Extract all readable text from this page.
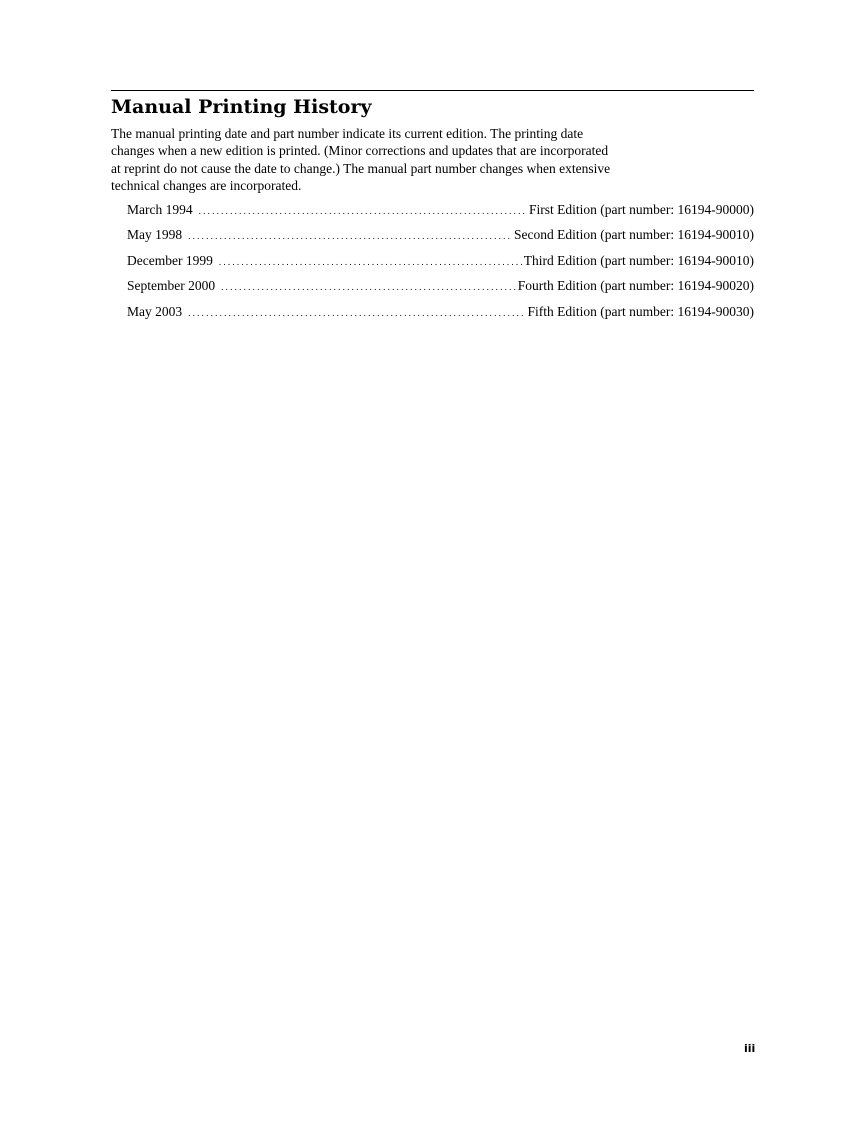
Manual Printing History
The manual printing date and part number indicate its current edition. The printing date
changes when a new edition is printed. (Minor corrections and updates that are incorporated
at reprint do not cause the date to change.) The manual part number changes when extensive
technical changes are incorporated.
March 1994 . . .	First Edition (part number: 16194-90000)
May 1998 . . .	Second Edition (part number: 16194-90010)
December 1999 . . .	Third Edition (part number: 16194-90010)
September 2000 . . .	Fourth Edition (part number: 16194-90020)
May 2003 . . .	Fifth Edition (part number: 16194-90030)
iii
